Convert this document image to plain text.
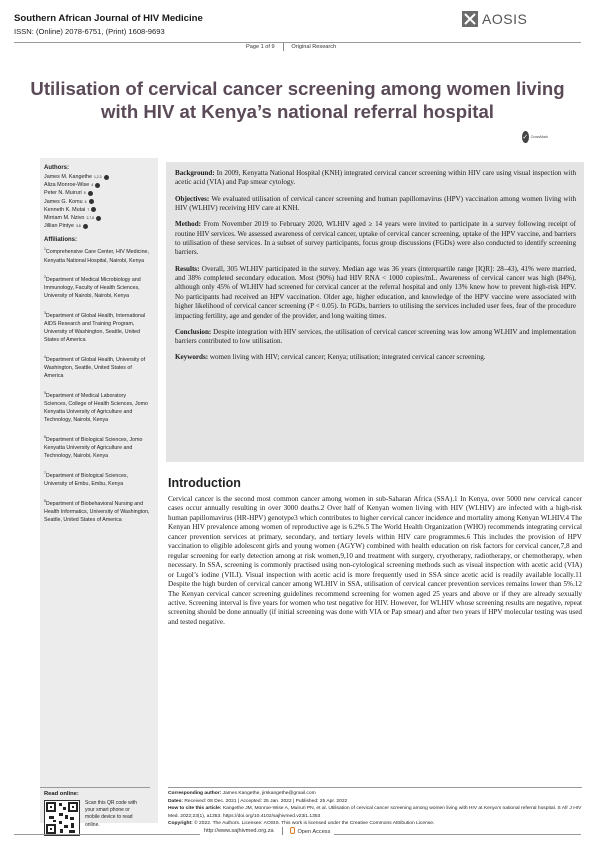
Southern African Journal of HIV Medicine
ISSN: (Online) 2078-6751, (Print) 1608-9693
AOSIS
Page 1 of 9	Original Research
Utilisation of cervical cancer screening among women living with HIV at Kenya’s national referral hospital
✓ CrossMark
Authors:
James M. Kangethe 1,2,3
Aliza Monroe-Wise 4
Peter N. Muiruri 5
James G. Komu 6
Kenneth K. Mutai 7
Mirriam M. Nzivo 2,7,8
Jillian Pintye 3,8
Affiliations:
$^1$Comprehensive Care Center, HIV Medicine, Kenyatta National Hospital, Nairobi, Kenya
$^2$Department of Medical Microbiology and Immunology, Faculty of Health Sciences, University of Nairobi, Nairobi, Kenya
$^3$Department of Global Health, International AIDS Research and Training Program, University of Washington, Seattle, United States of America
$^4$Department of Global Health, University of Washington, Seattle, United States of America
$^5$Department of Medical Laboratory Sciences, College of Health Sciences, Jomo Kenyatta University of Agriculture and Technology, Nairobi, Kenya
$^6$Department of Biological Sciences, Jomo Kenyatta University of Agriculture and Technology, Nairobi, Kenya
$^7$Department of Biological Sciences, University of Embu, Embu, Kenya
$^8$Department of Biobehavioral Nursing and Health Informatics, University of Washington, Seattle, United States of America
Read online:
Scan this QR code with your smart phone or mobile device to read online.

Background: In 2009, Kenyatta National Hospital (KNH) integrated cervical cancer screening within HIV care using visual inspection with acetic acid (VIA) and Pap smear cytology.

Objectives: We evaluated utilisation of cervical cancer screening and human papillomavirus (HPV) vaccination among women living with HIV (WLHIV) receiving HIV care at KNH.

Method: From November 2019 to February 2020, WLHIV aged ≥ 14 years were invited to participate in a survey following receipt of routine HIV services. We assessed awareness of cervical cancer, uptake of cervical cancer screening, uptake of the HPV vaccine, and barriers to utilisation of these services. In a subset of survey participants, focus group discussions (FGDs) were also conducted to identify screening barriers.

Results: Overall, 305 WLHIV participated in the survey. Median age was 36 years (interquartile range [IQR]: 28–43), 41% were married, and 38% completed secondary education. Most (90%) had HIV RNA < 1000 copies/mL. Awareness of cervical cancer was high (84%), although only 45% of WLHIV had screened for cervical cancer at the referral hospital and only 13% knew how to prevent high-risk HPV. No participants had received an HPV vaccination. Older age, higher education, and knowledge of the HPV vaccine were associated with higher likelihood of cervical cancer screening (P < 0.05). In FGDs, barriers to utilising the services included user fees, fear of the procedure impacting fertility, age and gender of the provider, and long waiting times.

Conclusion: Despite integration with HIV services, the utilisation of cervical cancer screening was low among WLHIV and implementation barriers contributed to low utilisation.

Keywords: women living with HIV; cervical cancer; Kenya; utilisation; integrated cervical cancer screening.

Introduction

Cervical cancer is the second most common cancer among women in sub-Saharan Africa (SSA).1 In Kenya, over 5000 new cervical cancer cases occur annually resulting in over 3000 deaths.2 Over half of Kenyan women living with HIV (WLHIV) are infected with a high-risk human papillomavirus (HR-HPV) genotype3 which contributes to higher cervical cancer incidence and mortality among Kenyan WLHIV.4 The Kenyan HIV prevalence among women of reproductive age is 6.2%.5 The World Health Organization (WHO) recommends integrating cervical cancer prevention services at primary, secondary, and tertiary levels within HIV care programmes.6 This includes the provision of HPV vaccination to eligible adolescent girls and young women (AGYW) combined with health education on risk factors for cervical cancer,7,8 and regular screening for early detection among at risk women,9,10 and treatment with surgery, cryotherapy, radiotherapy, or chemotherapy, when necessary. In SSA, screening is commonly practised using non-cytological screening methods such as visual inspection with acetic acid (VIA) or Lugol’s iodine (VILI). Visual inspection with acetic acid is more frequently used in SSA since acetic acid is readily available locally.11 Despite the high burden of cervical cancer among WLHIV in SSA, utilisation of cervical cancer prevention services remains lower than 5%.12 The Kenyan cervical cancer screening guidelines recommend screening for women aged 25 years and above or if they are already sexually active. Screening interval is five years for women who test negative for HIV. However, for WLHIV whose screening results are negative, repeat screening should be done annually (if initial screening was done with VIA or Pap smear) and after two years if HPV molecular testing was used and tested negative.

Corresponding author: James Kangethe, jimkangethe@gmail.com
Dates: Received: 08 Dec. 2021 | Accepted: 25 Jan. 2022 | Published: 25 Apr. 2022
How to cite this article: Kangethe JM, Monroe-Wise A, Muiruri PN, et al. Utilisation of cervical cancer screening among women living with HIV at Kenya’s national referral hospital. S Afr J HIV Med. 2022;23(1), a1353. https://doi.org/10.4102/sajhivmed.v23i1.1353
Copyright: © 2022. The Authors. Licensee: AOSIS. This work is licensed under the Creative Commons Attribution License.
http://www.sajhivmed.org.za	Open Access
